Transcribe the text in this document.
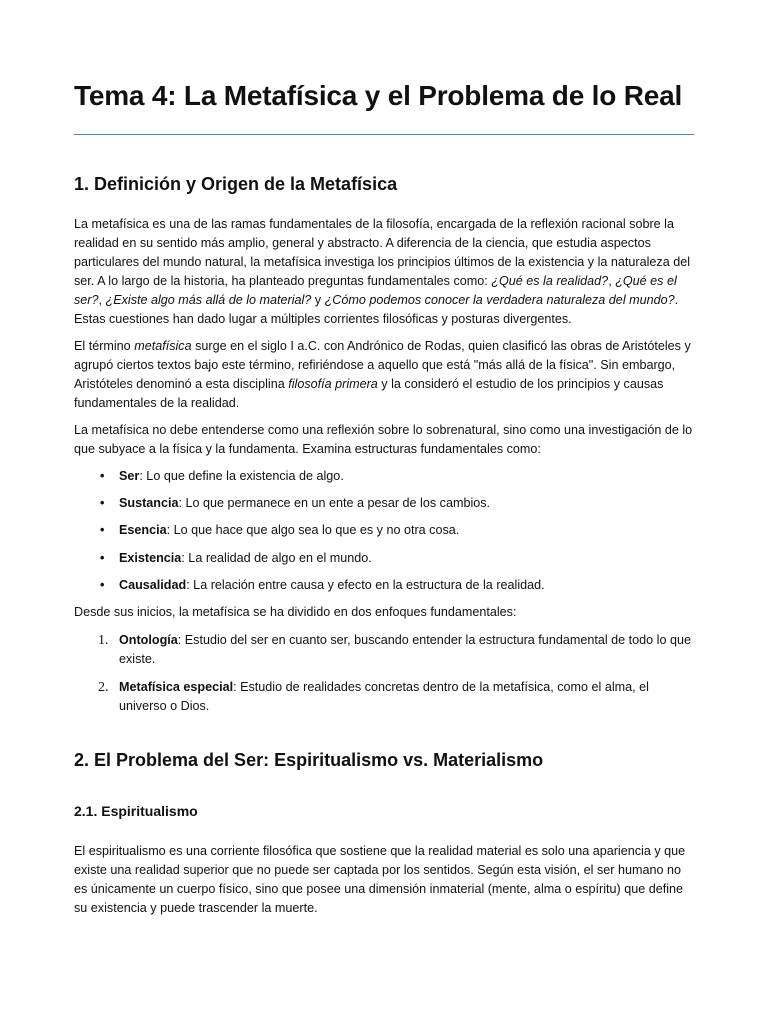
Tema 4: La Metafísica y el Problema de lo Real
1. Definición y Origen de la Metafísica

La metafísica es una de las ramas fundamentales de la filosofía, encargada de la reflexión racional sobre la realidad en su sentido más amplio, general y abstracto. A diferencia de la ciencia, que estudia aspectos particulares del mundo natural, la metafísica investiga los principios últimos de la existencia y la naturaleza del ser. A lo largo de la historia, ha planteado preguntas fundamentales como: ¿Qué es la realidad?, ¿Qué es el ser?, ¿Existe algo más allá de lo material? y ¿Cómo podemos conocer la verdadera naturaleza del mundo?. Estas cuestiones han dado lugar a múltiples corrientes filosóficas y posturas divergentes.

El término metafísica surge en el siglo I a.C. con Andrónico de Rodas, quien clasificó las obras de Aristóteles y agrupó ciertos textos bajo este término, refiriéndose a aquello que está "más allá de la física". Sin embargo, Aristóteles denominó a esta disciplina filosofía primera y la consideró el estudio de los principios y causas fundamentales de la realidad.

La metafísica no debe entenderse como una reflexión sobre lo sobrenatural, sino como una investigación de lo que subyace a la física y la fundamenta. Examina estructuras fundamentales como:

• Ser: Lo que define la existencia de algo.
• Sustancia: Lo que permanece en un ente a pesar de los cambios.
• Esencia: Lo que hace que algo sea lo que es y no otra cosa.
• Existencia: La realidad de algo en el mundo.
• Causalidad: La relación entre causa y efecto en la estructura de la realidad.

Desde sus inicios, la metafísica se ha dividido en dos enfoques fundamentales:

1. Ontología: Estudio del ser en cuanto ser, buscando entender la estructura fundamental de todo lo que existe.
2. Metafísica especial: Estudio de realidades concretas dentro de la metafísica, como el alma, el universo o Dios.
2. El Problema del Ser: Espiritualismo vs. Materialismo
2.1. Espiritualismo

El espiritualismo es una corriente filosófica que sostiene que la realidad material es solo una apariencia y que existe una realidad superior que no puede ser captada por los sentidos. Según esta visión, el ser humano no es únicamente un cuerpo físico, sino que posee una dimensión inmaterial (mente, alma o espíritu) que define su existencia y puede trascender la muerte.
